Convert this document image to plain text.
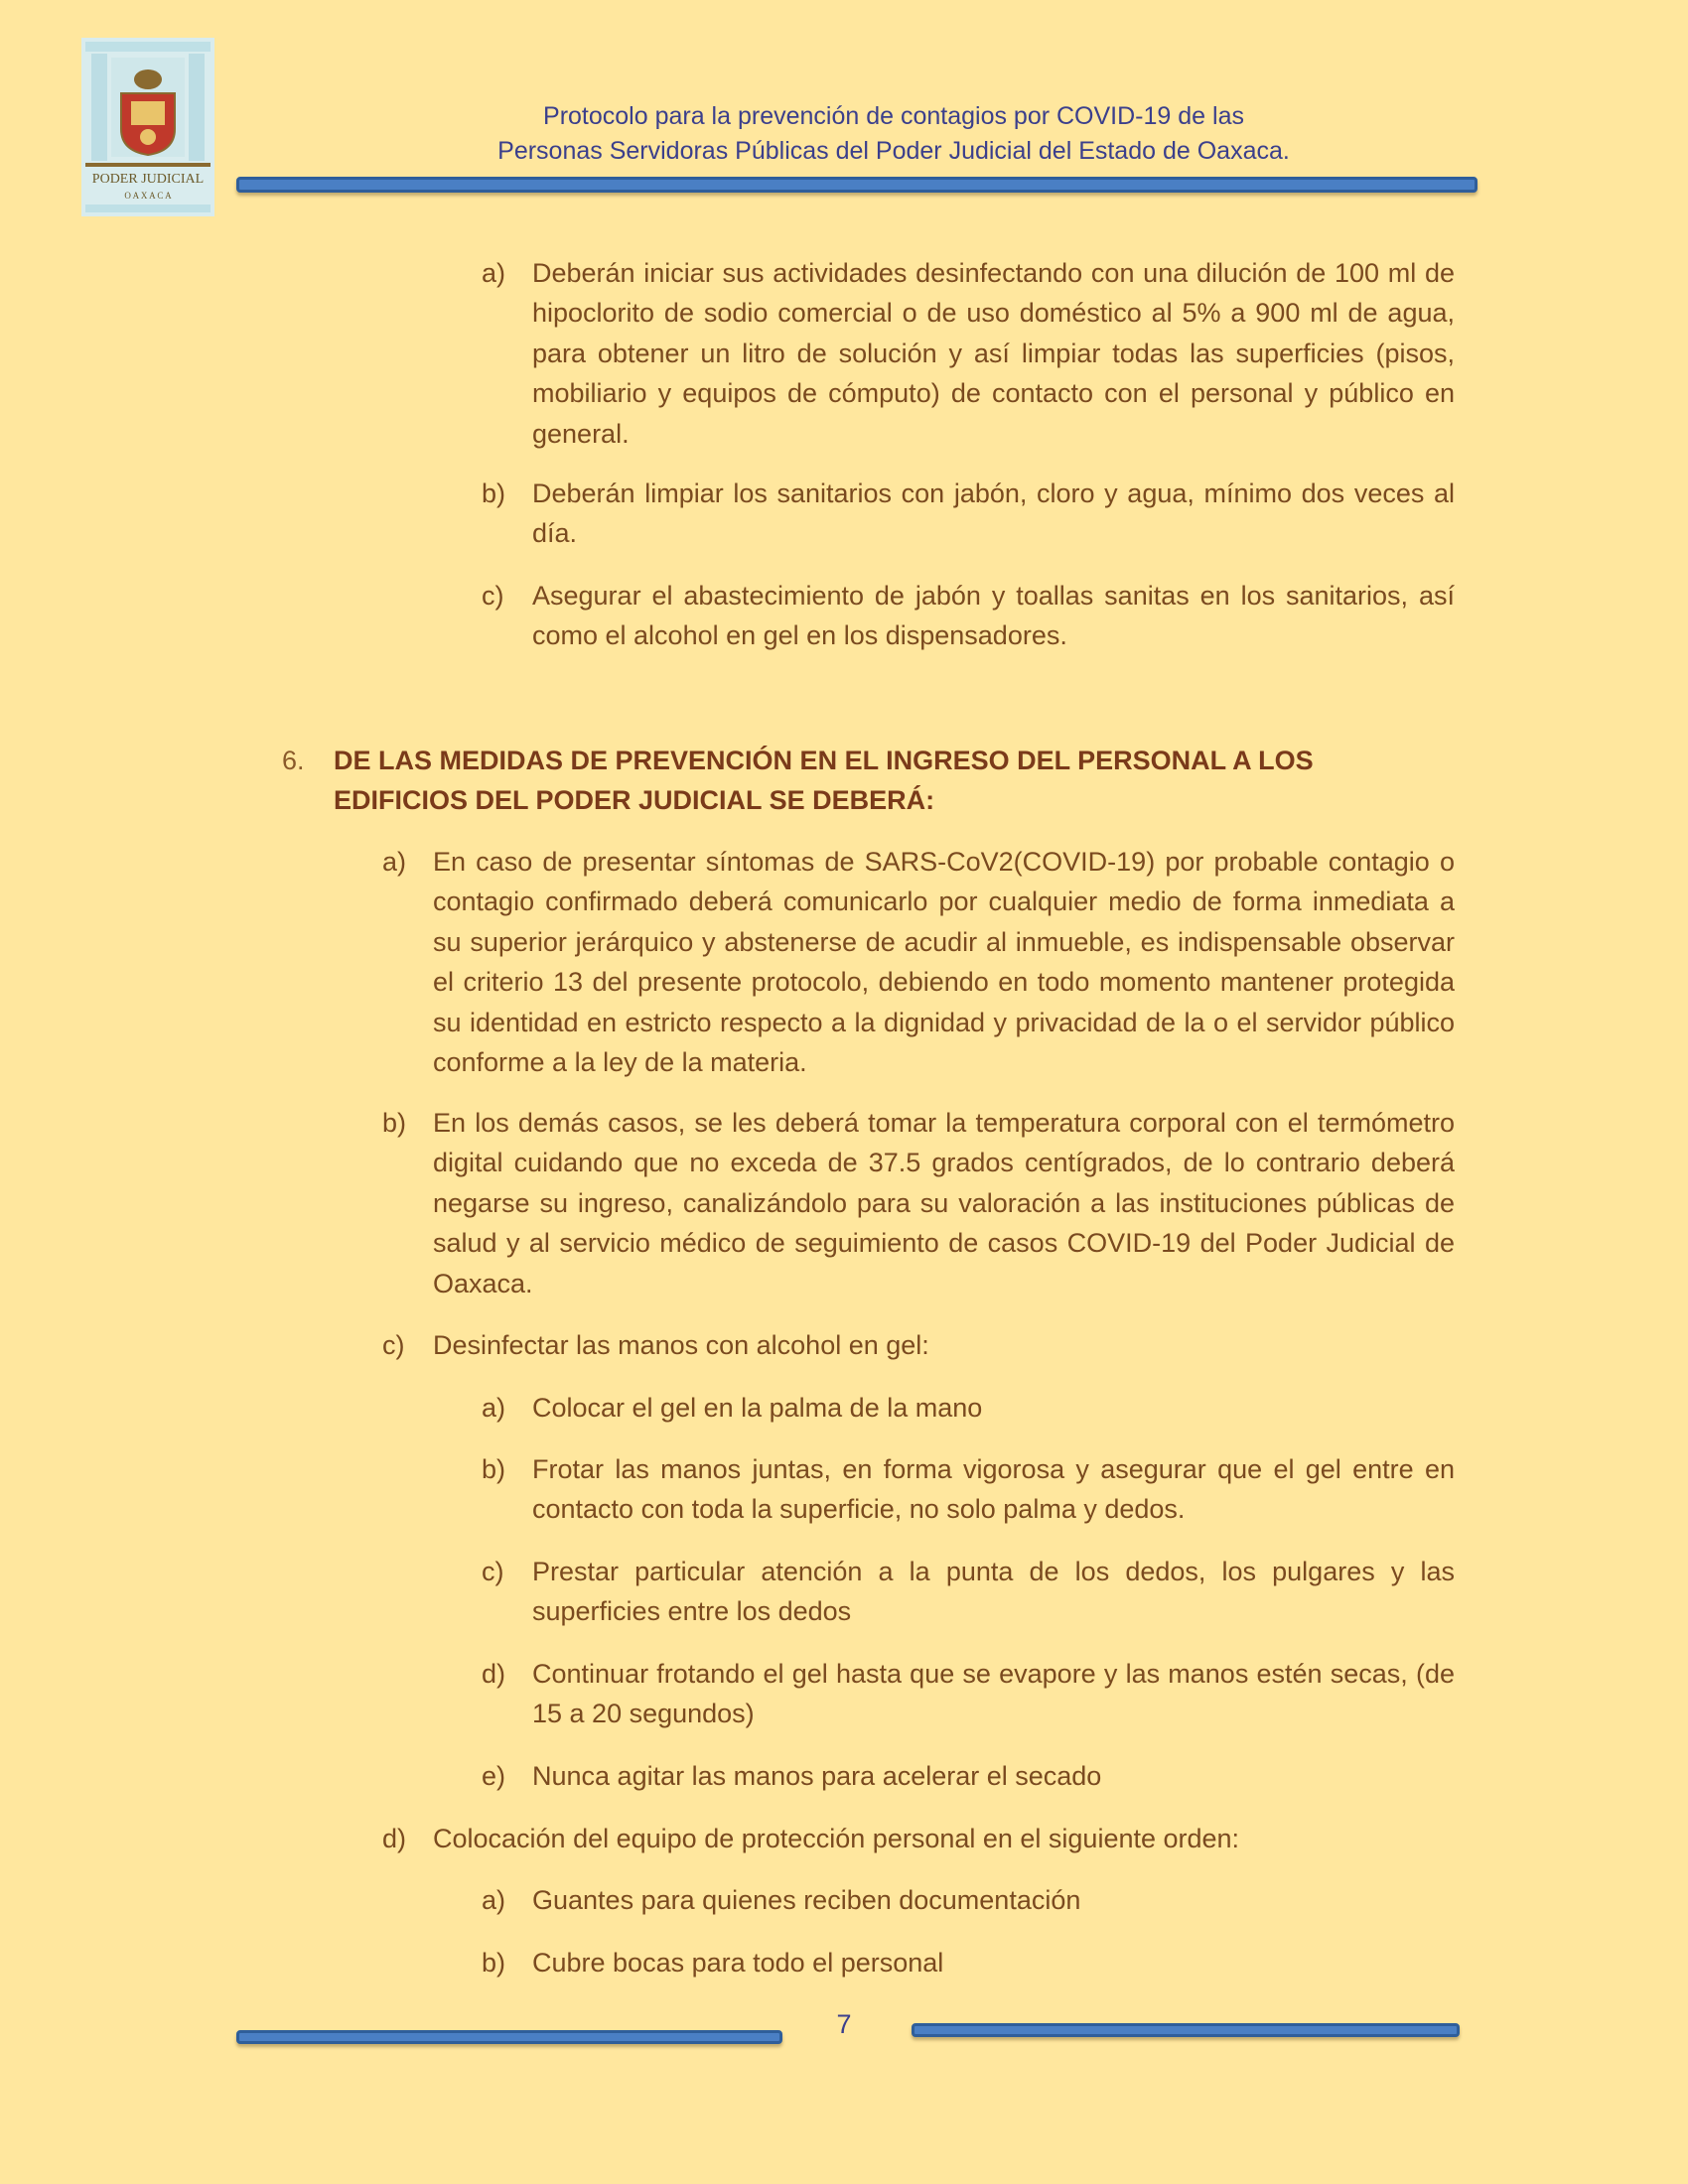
PODER JUDICIAL
O A X A C A
Protocolo para la prevención de contagios por COVID-19 de las
Personas Servidoras Públicas del Poder Judicial del Estado de Oaxaca.
a) Deberán iniciar sus actividades desinfectando con una dilución de 100 ml de hipoclorito de sodio comercial o de uso doméstico al 5% a 900 ml de agua, para obtener un litro de solución y así limpiar todas las superficies (pisos, mobiliario y equipos de cómputo) de contacto con el personal y público en general.
b) Deberán limpiar los sanitarios con jabón, cloro y agua, mínimo dos veces al día.
c) Asegurar el abastecimiento de jabón y toallas sanitas en los sanitarios, así como el alcohol en gel en los dispensadores.
6. DE LAS MEDIDAS DE PREVENCIÓN EN EL INGRESO DEL PERSONAL A LOS EDIFICIOS DEL PODER JUDICIAL SE DEBERÁ:
a) En caso de presentar síntomas de SARS-CoV2(COVID-19) por probable contagio o contagio confirmado deberá comunicarlo por cualquier medio de forma inmediata a su superior jerárquico y abstenerse de acudir al inmueble, es indispensable observar el criterio 13 del presente protocolo, debiendo en todo momento mantener protegida su identidad en estricto respecto a la dignidad y privacidad de la o el servidor público conforme a la ley de la materia.
b) En los demás casos, se les deberá tomar la temperatura corporal con el termómetro digital cuidando que no exceda de 37.5 grados centígrados, de lo contrario deberá negarse su ingreso, canalizándolo para su valoración a las instituciones públicas de salud y al servicio médico de seguimiento de casos COVID-19 del Poder Judicial de Oaxaca.
c) Desinfectar las manos con alcohol en gel:
a) Colocar el gel en la palma de la mano
b) Frotar las manos juntas, en forma vigorosa y asegurar que el gel entre en contacto con toda la superficie, no solo palma y dedos.
c) Prestar particular atención a la punta de los dedos, los pulgares y las superficies entre los dedos
d) Continuar frotando el gel hasta que se evapore y las manos estén secas, (de 15 a 20 segundos)
e) Nunca agitar las manos para acelerar el secado
d) Colocación del equipo de protección personal en el siguiente orden:
a) Guantes para quienes reciben documentación
b) Cubre bocas para todo el personal
7
